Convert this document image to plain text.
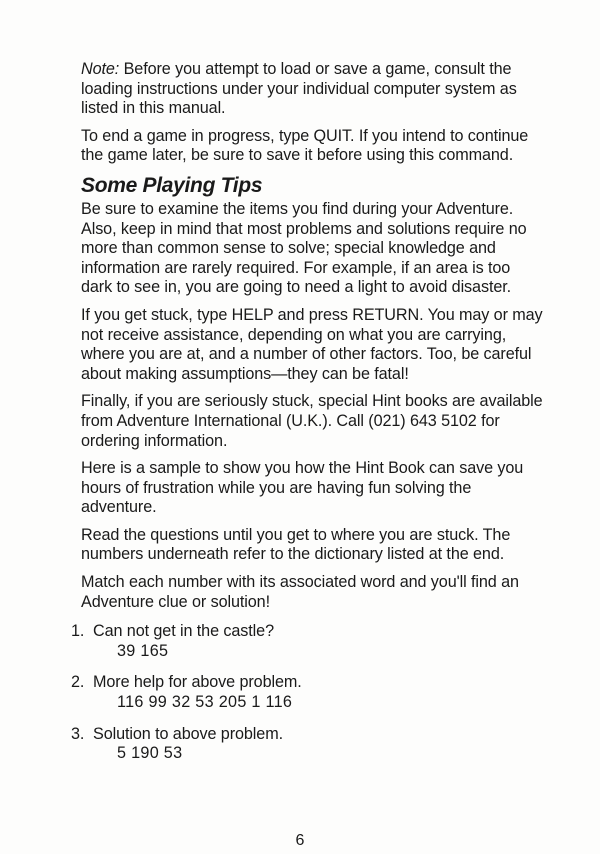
Note: Before you attempt to load or save a game, consult the loading instructions under your individual computer system as listed in this manual.

To end a game in progress, type QUIT. If you intend to continue the game later, be sure to save it before using this command.

Some Playing Tips

Be sure to examine the items you find during your Adventure. Also, keep in mind that most problems and solutions require no more than common sense to solve; special knowledge and information are rarely required. For example, if an area is too dark to see in, you are going to need a light to avoid disaster.

If you get stuck, type HELP and press RETURN. You may or may not receive assistance, depending on what you are carrying, where you are at, and a number of other factors. Too, be careful about making assumptions—they can be fatal!

Finally, if you are seriously stuck, special Hint books are available from Adventure International (U.K.). Call (021) 643 5102 for ordering information.

Here is a sample to show you how the Hint Book can save you hours of frustration while you are having fun solving the adventure.

Read the questions until you get to where you are stuck. The numbers underneath refer to the dictionary listed at the end.

Match each number with its associated word and you'll find an Adventure clue or solution!

1. Can not get in the castle?
39 165
2. More help for above problem.
116 99 32 53 205 1 116
3. Solution to above problem.
5 190 53
6
